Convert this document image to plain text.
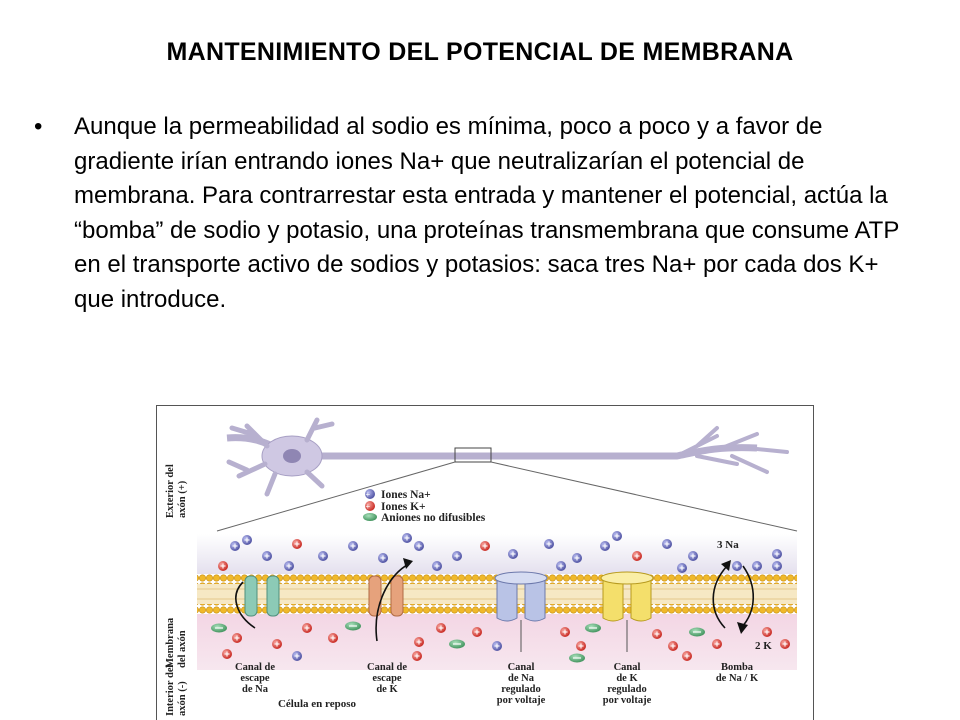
MANTENIMIENTO DEL POTENCIAL DE MEMBRANA
• Aunque la permeabilidad al sodio es mínima, poco a poco y a favor de gradiente irían entrando iones Na+ que neutralizarían el potencial de membrana. Para contrarrestar esta entrada y mantener el potencial, actúa la “bomba” de sodio y potasio, una proteínas transmembrana que consume ATP en el transporte activo de sodios y potasios: saca tres Na+ por cada dos K+ que introduce.
+ Iones Na+
+ Iones K+
Aniones no difusibles
Exterior del axón (+)
Membrana del axón
Interior del axón (-)
3 Na
2 K
Canal de
escape
de Na
Canal de
escape
de K
Canal
de Na
regulado
por voltaje
Canal
de K
regulado
por voltaje
Bomba
de Na / K
Célula en reposo
